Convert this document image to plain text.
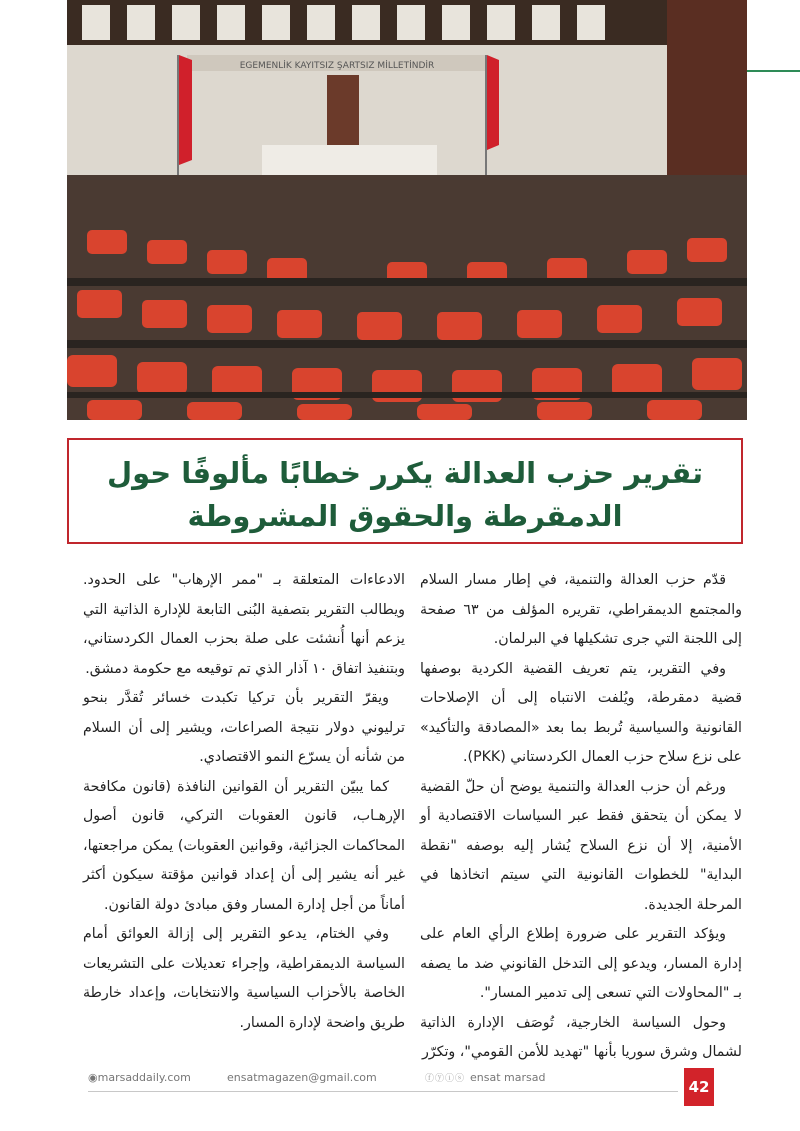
EGEMENLİK KAYITSIZ ŞARTSIZ MİLLETİNDİR
تقرير حزب العدالة يكرر خطابًا مألوفًا حول الدمقرطة والحقوق المشروطة

قدّم حزب العدالة والتنمية، في إطار مسار السلام والمجتمع الديمقراطي، تقريره المؤلف من ٦٣ صفحة إلى اللجنة التي جرى تشكيلها في البرلمان.

وفي التقرير، يتم تعريف القضية الكردية بوصفها قضية دمقرطة، ويُلفت الانتباه إلى أن الإصلاحات القانونية والسياسية تُربط بما بعد «المصادقة والتأكيد» على نزع سلاح حزب العمال الكردستاني (PKK).

ورغم أن حزب العدالة والتنمية يوضح أن حلّ القضية لا يمكن أن يتحقق فقط عبر السياسات الاقتصادية أو الأمنية، إلا أن نزع السلاح يُشار إليه بوصفه "نقطة البداية" للخطوات القانونية التي سيتم اتخاذها في المرحلة الجديدة.

ويؤكد التقرير على ضرورة إطلاع الرأي العام على إدارة المسار، ويدعو إلى التدخل القانوني ضد ما يصفه بـ "المحاولات التي تسعى إلى تدمير المسار".

وحول السياسة الخارجية، تُوصَف الإدارة الذاتية لشمال وشرق سوريا بأنها "تهديد للأمن القومي"، وتكرّر

الادعاءات المتعلقة بـ "ممر الإرهاب" على الحدود. ويطالب التقرير بتصفية البُنى التابعة للإدارة الذاتية التي يزعم أنها أُنشئت على صلة بحزب العمال الكردستاني، وبتنفيذ اتفاق ١٠ آذار الذي تم توقيعه مع حكومة دمشق.

ويقرّ التقرير بأن تركيا تكبدت خسائر تُقدَّر بنحو ترليوني دولار نتيجة الصراعات، ويشير إلى أن السلام من شأنه أن يسرّع النمو الاقتصادي.

كما يبيّن التقرير أن القوانين النافذة (قانون مكافحة الإرهـاب، قانون العقوبات التركي، قانون أصول المحاكمات الجزائية، وقوانين العقوبات) يمكن مراجعتها، غير أنه يشير إلى أن إعداد قوانين مؤقتة سيكون أكثر أماناً من أجل إدارة المسار وفق مبادئ دولة القانون.

وفي الختام، يدعو التقرير إلى إزالة العوائق أمام السياسة الديمقراطية، وإجراء تعديلات على التشريعات الخاصة بالأحزاب السياسية والانتخابات، وإعداد خارطة طريق واضحة لإدارة المسار.

◉marsaddaily.com	ensatmagazen@gmail.com	ⓕⓨⓘⓢ ensat marsad
42
